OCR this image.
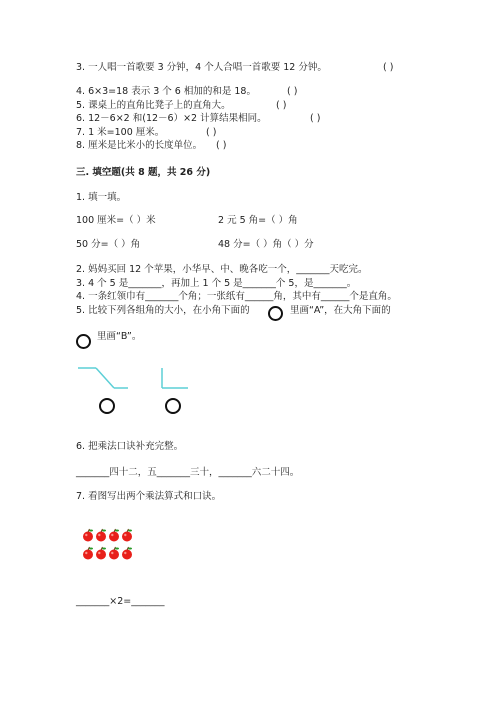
3. 一人唱一首歌要 3 分钟，4 个人合唱一首歌要 12 分钟。	( )
4. 6×3=18 表示 3 个 6 相加的和是 18。	( )
5. 课桌上的直角比凳子上的直角大。	( )
6. 12－6×2 和(12－6）×2 计算结果相同。	( )
7. 1 米=100 厘米。	( )
8. 厘米是比米小的长度单位。 ( )
三. 填空题(共 8 题，共 26 分)
1. 填一填。
100 厘米=（ ）米	2 元 5 角=（ ）角
50 分=（ ）角	48 分=（ ）角（ ）分
2. 妈妈买回 12 个苹果，小华早、中、晚各吃一个，_______天吃完。
3. 4 个 5 是_______，再加上 1 个 5 是_______个 5，是_______。
4. 一条红领巾有_______个角；一张纸有______角，其中有______个是直角。
5. 比较下列各组角的大小，在小角下面的	里画“A”，在大角下面的
里画“B”。
6. 把乘法口诀补充完整。
_______四十二，五_______三十，_______六二十四。
7. 看图写出两个乘法算式和口诀。
_______×2=_______
